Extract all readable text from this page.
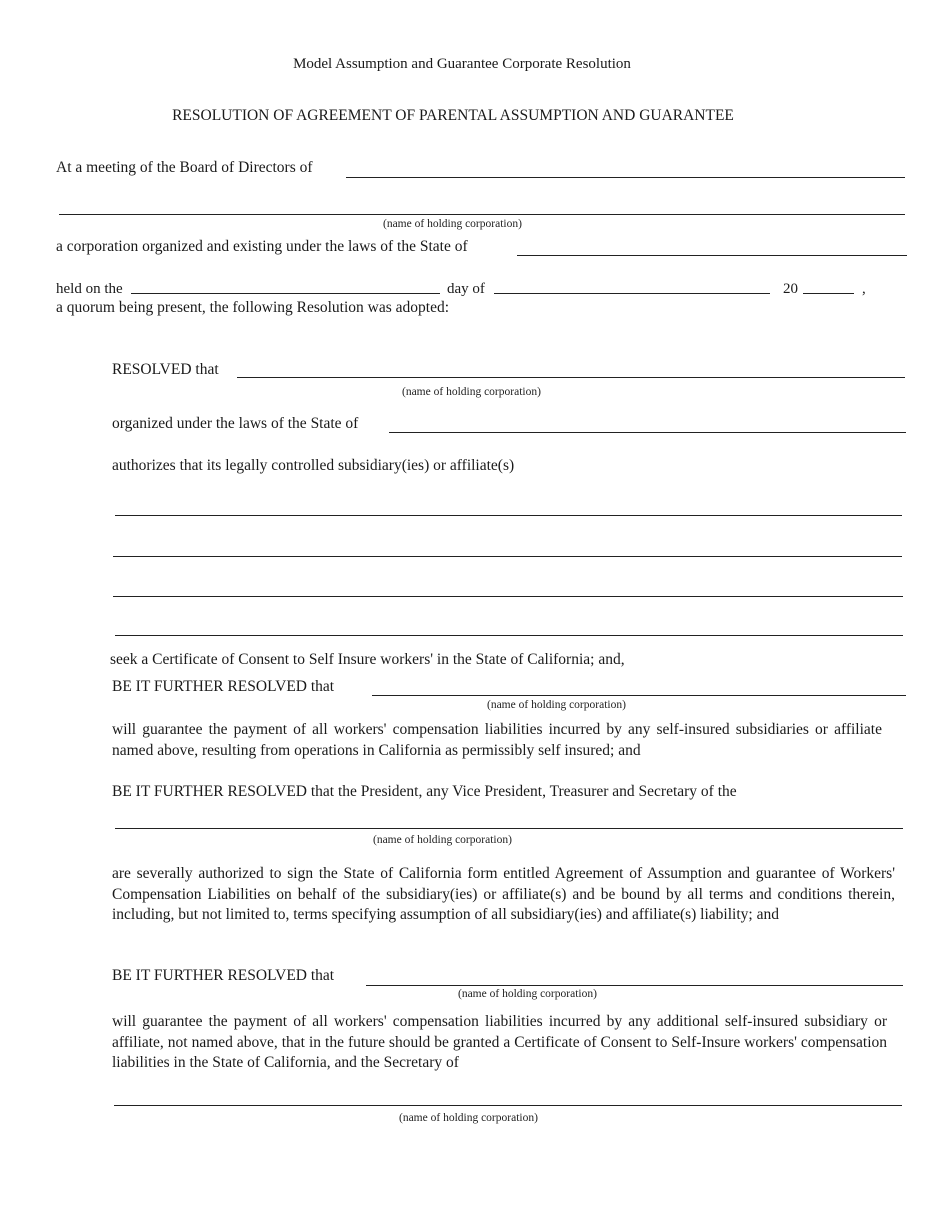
Model Assumption and Guarantee Corporate Resolution
RESOLUTION OF AGREEMENT OF PARENTAL ASSUMPTION AND GUARANTEE
At a meeting of the Board of Directors of
(name of holding corporation)
a corporation organized and existing under the laws of the State of
held on the	day of	20	,
a quorum being present, the following Resolution was adopted:
RESOLVED that
(name of holding corporation)
organized under the laws of the State of
authorizes that its legally controlled subsidiary(ies) or affiliate(s)
seek a Certificate of Consent to Self Insure workers' in the State of California; and,
BE IT FURTHER RESOLVED that
(name of holding corporation)
will guarantee the payment of all workers' compensation liabilities incurred by any self-insured subsidiaries or affiliate named above, resulting from operations in California as permissibly self insured; and
BE IT FURTHER RESOLVED that the President, any Vice President, Treasurer and Secretary of the
(name of holding corporation)
are severally authorized to sign the State of California form entitled Agreement of Assumption and guarantee of Workers' Compensation Liabilities on behalf of the subsidiary(ies) or affiliate(s) and be bound by all terms and conditions therein, including, but not limited to, terms specifying assumption of all subsidiary(ies) and affiliate(s) liability; and
BE IT FURTHER RESOLVED that
(name of holding corporation)
will guarantee the payment of all workers' compensation liabilities incurred by any additional self-insured subsidiary or affiliate, not named above, that in the future should be granted a Certificate of Consent to Self-Insure workers' compensation liabilities in the State of California, and the Secretary of
(name of holding corporation)
